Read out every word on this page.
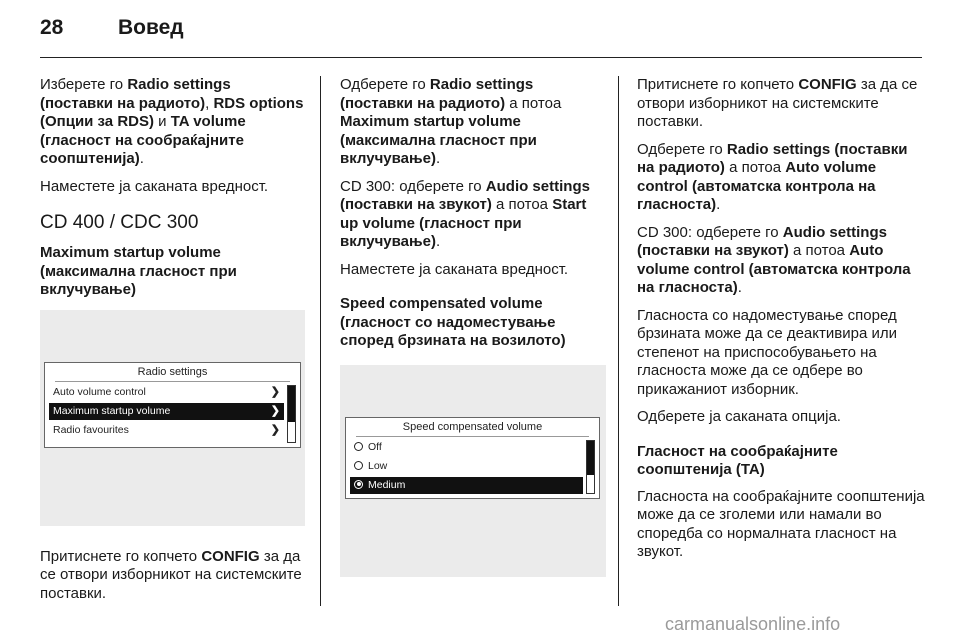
28	Вовед

Изберете го Radio settings (поставки на радиото), RDS options (Опции за RDS) и TA volume (гласност на сообраќајните соопштенија).

Наместете ја саканата вредност.

CD 400 / CDC 300
Maximum startup volume (максимална гласност при вклучување)
Radio settings
Auto volume control	❯
Maximum startup volume	❯
Radio favourites	❯

Притиснете го копчето CONFIG за да се отвори изборникот на системските поставки.

Одберете го Radio settings (поставки на радиото) а потоа Maximum startup volume (максимална гласност при вклучување).

CD 300: одберете го Audio settings (поставки на звукот) а потоа Start up volume (гласност при вклучување).

Наместете ја саканата вредност.

Speed compensated volume (гласност со надоместување според брзината на возилото)
Speed compensated volume
Off
Low
Medium

Притиснете го копчето CONFIG за да се отвори изборникот на системските поставки.

Одберете го Radio settings (поставки на радиото) а потоа Auto volume control (автоматска контрола на гласноста).

CD 300: одберете го Audio settings (поставки на звукот) а потоа Auto volume control (автоматска контрола на гласноста).

Гласноста со надоместување според брзината може да се деактивира или степенот на приспособувањето на гласноста може да се одбере во прикажаниот изборник.

Одберете ја саканата опција.

Гласност на сообраќајните соопштенија (TA)

Гласноста на сообраќајните соопштенија може да се зголеми или намали во споредба со нормалната гласност на звукот.

carmanualsonline.info
